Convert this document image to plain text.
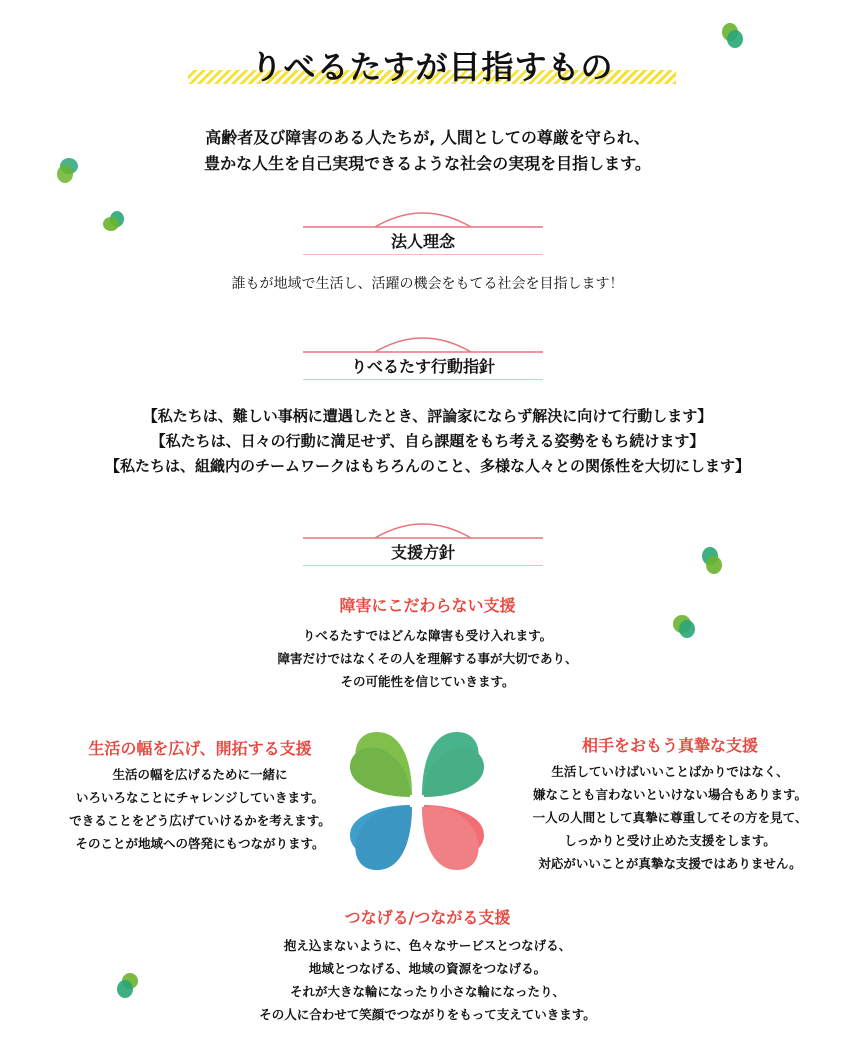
りべるたすが目指すもの
高齢者及び障害のある人たちが, 人間としての尊厳を守られ、
豊かな人生を自己実現できるような社会の実現を目指します。
法人理念
誰もが地域で生活し、活躍の機会をもてる社会を目指します！
りべるたす行動指針
【私たちは、難しい事柄に遭遇したとき、評論家にならず解決に向けて行動します】
【私たちは、日々の行動に満足せず、自ら課題をもち考える姿勢をもち続けます】
【私たちは、組織内のチームワークはもちろんのこと、多様な人々との関係性を大切にします】
支援方針
障害にこだわらない支援
りべるたすではどんな障害も受け入れます。
障害だけではなくその人を理解する事が大切であり、
その可能性を信じていきます。
生活の幅を広げ、開拓する支援
生活の幅を広げるために一緒に
いろいろなことにチャレンジしていきます。
できることをどう広げていけるかを考えます。
そのことが地域への啓発にもつながります。
相手をおもう真摯な支援
生活していけばいいことばかりではなく、
嫌なことも言わないといけない場合もあります。
一人の人間として真摯に尊重してその方を見て、
しっかりと受け止めた支援をします。
対応がいいことが真摯な支援ではありません。
つなげる/つながる支援
抱え込まないように、色々なサービスとつなげる、
地域とつなげる、地域の資源をつなげる。
それが大きな輪になったり小さな輪になったり、
その人に合わせて笑顔でつながりをもって支えていきます。
